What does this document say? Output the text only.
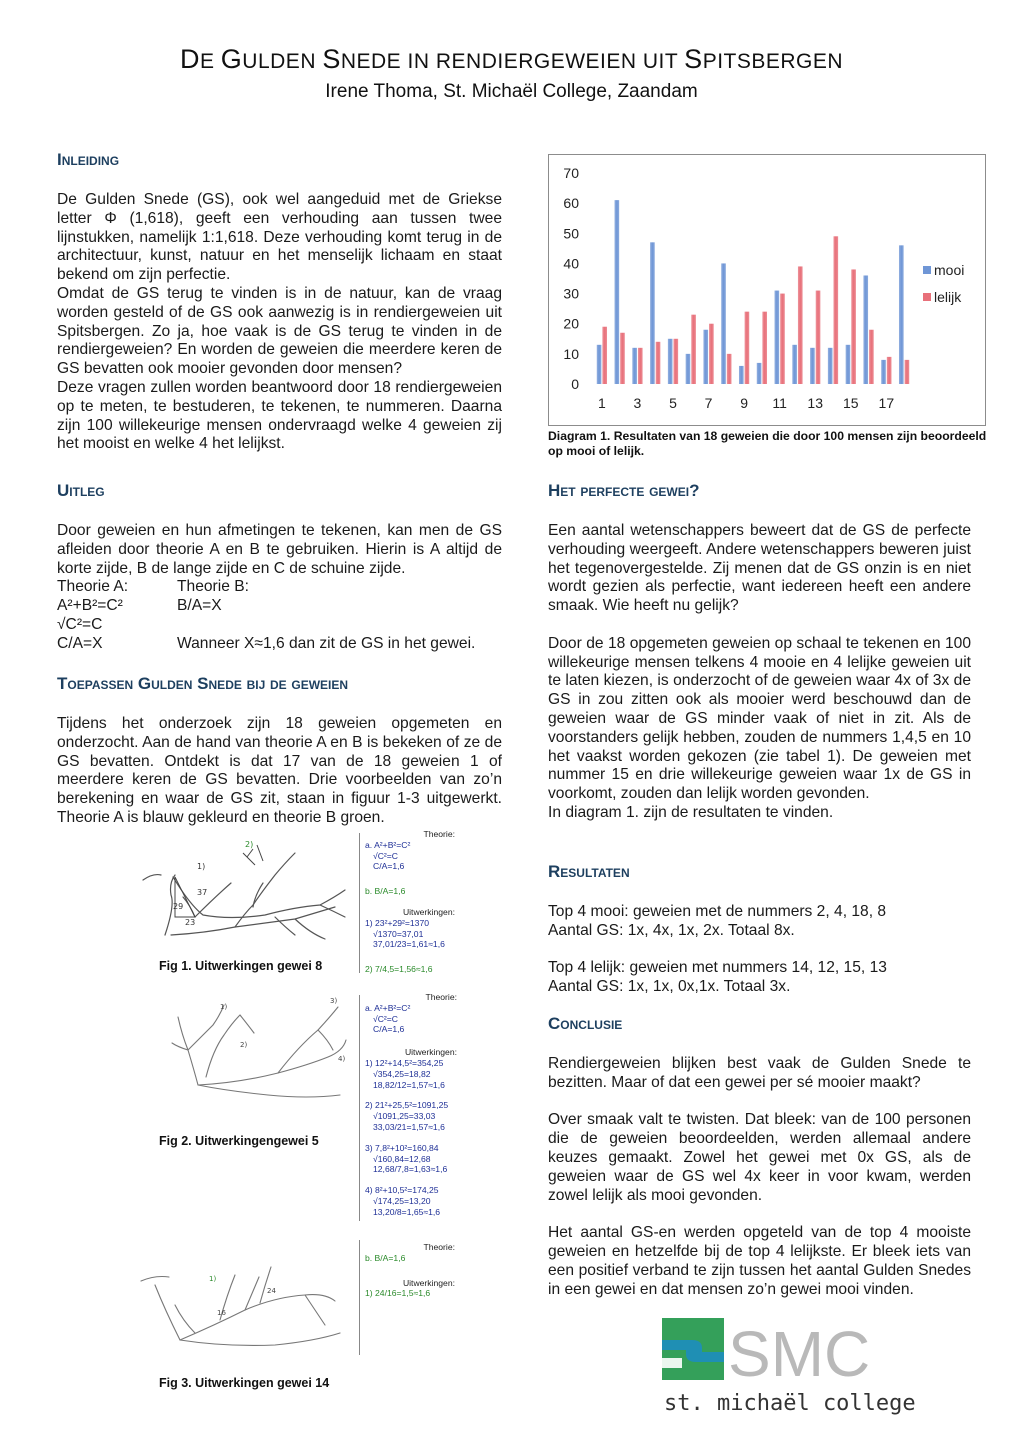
DE GULDEN SNEDE IN RENDIERGEWEIEN UIT SPITSBERGEN
Irene Thoma, St. Michaël College, Zaandam
Inleiding

De Gulden Snede (GS), ook wel aangeduid met de Griekse letter Φ (1,618), geeft een verhouding aan tussen twee lijnstukken, namelijk 1:1,618. Deze verhouding komt terug in de architectuur, kunst, natuur en het menselijk lichaam en staat bekend om zijn perfectie.

Omdat de GS terug te vinden is in de natuur, kan de vraag worden gesteld of de GS ook aanwezig is in rendiergeweien uit Spitsbergen. Zo ja, hoe vaak is de GS terug te vinden in de rendiergeweien? En worden de geweien die meerdere keren de GS bevatten ook mooier gevonden door mensen?

Deze vragen zullen worden beantwoord door 18 rendiergeweien op te meten, te bestuderen, te tekenen, te nummeren. Daarna zijn 100 willekeurige mensen ondervraagd welke 4 geweien zij het mooist en welke 4 het lelijkst.

Uitleg

Door geweien en hun afmetingen te tekenen, kan men de GS afleiden door theorie A en B te gebruiken. Hierin is A altijd de korte zijde, B de lange zijde en C de schuine zijde.

Theorie A:	Theorie B:
A²+B²=C²	B/A=X
√C²=C
C/A=X	Wanneer X≈1,6 dan zit de GS in het gewei.
Toepassen Gulden Snede bij de geweien

Tijdens het onderzoek zijn 18 geweien opgemeten en onderzocht. Aan de hand van theorie A en B is bekeken of ze de GS bevatten. Ontdekt is dat 17 van de 18 geweien 1 of meerdere keren de GS bevatten. Drie voorbeelden van zo’n berekening en waar de GS zit, staan in figuur 1-3 uitgewerkt. Theorie A is blauw gekleurd en theorie B groen.

1)
2)
37
29
23
Theorie:
a. A²+B²=C²
√C²=C
C/A=1,6
b. B/A=1,6
Uitwerkingen:
1) 23²+29²=1370
√1370=37,01
37,01/23=1,61≈1,6
2) 7/4,5=1,56≈1,6
Fig 1. Uitwerkingen gewei 8
1)
2)
3)
4)
Theorie:
a. A²+B²=C²
√C²=C
C/A=1,6
Uitwerkingen:
1) 12²+14,5²=354,25
√354,25=18,82
18,82/12=1,57≈1,6
2) 21²+25,5²=1091,25
√1091,25=33,03
33,03/21=1,57≈1,6
3) 7,8²+10²=160,84
√160,84=12,68
12,68/7,8=1,63≈1,6
4) 8²+10,5²=174,25
√174,25=13,20
13,20/8=1,65≈1,6
Fig 2. Uitwerkingengewei 5
1)
24
16
Theorie:
b. B/A=1,6
Uitwerkingen:
1) 24/16=1,5≈1,6
Fig 3. Uitwerkingen gewei 14
0
10
20
30
40
50
60
70
1 3 5 7 9 11 13 15 17
mooi
lelijk
Diagram 1. Resultaten van 18 geweien die door 100 mensen zijn beoordeeld op mooi of lelijk.
Het perfecte gewei?

Een aantal wetenschappers beweert dat de GS de perfecte verhouding weergeeft. Andere wetenschappers beweren juist het tegenovergestelde. Zij menen dat de GS onzin is en niet wordt gezien als perfectie, want iedereen heeft een andere smaak. Wie heeft nu gelijk?

Door de 18 opgemeten geweien op schaal te tekenen en 100 willekeurige mensen telkens 4 mooie en 4 lelijke geweien uit te laten kiezen, is onderzocht of de geweien waar 4x of 3x de GS in zou zitten ook als mooier werd beschouwd dan de geweien waar de GS minder vaak of niet in zit. Als de voorstanders gelijk hebben, zouden de nummers 1,4,5 en 10 het vaakst worden gekozen (zie tabel 1). De geweien met nummer 15 en drie willekeurige geweien waar 1x de GS in voorkomt, zouden dan lelijk worden gevonden.

In diagram 1. zijn de resultaten te vinden.

Resultaten

Top 4 mooi: geweien met de nummers 2, 4, 18, 8

Aantal GS: 1x, 4x, 1x, 2x. Totaal 8x.

Top 4 lelijk: geweien met nummers 14, 12, 15, 13

Aantal GS: 1x, 1x, 0x,1x. Totaal 3x.

Conclusie

Rendiergeweien blijken best vaak de Gulden Snede te bezitten. Maar of dat een gewei per sé mooier maakt?

Over smaak valt te twisten. Dat bleek: van de 100 personen die de geweien beoordeelden, werden allemaal andere keuzes gemaakt. Zowel het gewei met 0x GS, als de geweien waar de GS wel 4x keer in voor kwam, werden zowel lelijk als mooi gevonden.

Het aantal GS-en werden opgeteld van de top 4 mooiste geweien en hetzelfde bij de top 4 lelijkste. Er bleek iets van een positief verband te zijn tussen het aantal Gulden Snedes in een gewei en dat mensen zo’n gewei mooi vinden.

SMC
st. michaël college
